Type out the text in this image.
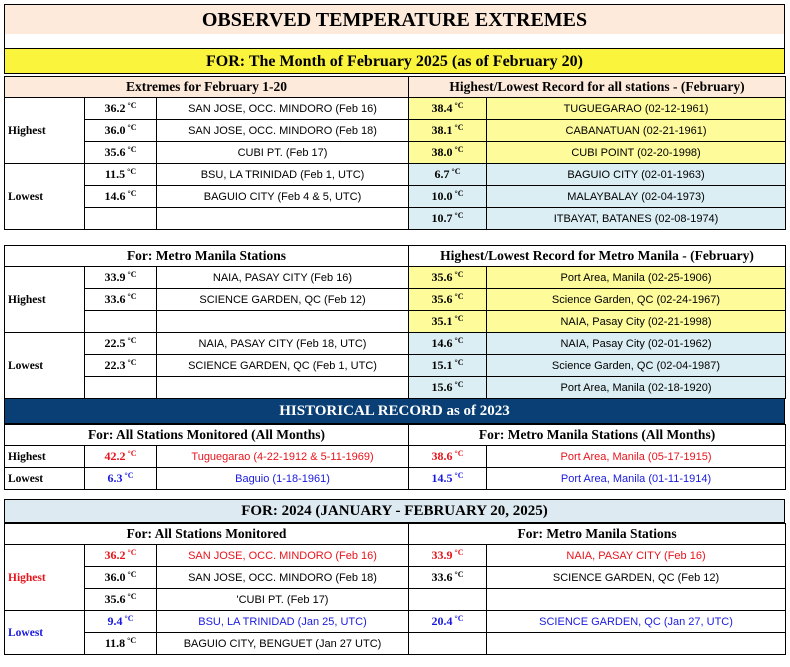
OBSERVED TEMPERATURE EXTREMES
FOR: The Month of February 2025 (as of February 20)
Extremes for February 1-20			Highest/Lowest Record for all stations - (February)	
Highest	36.2 $^{^\circ C}$	SAN JOSE, OCC. MINDORO (Feb 16)	38.4 $^{^\circ C}$	TUGUEGARAO (02-12-1961)
	36.0 $^{^\circ C}$	SAN JOSE, OCC. MINDORO (Feb 18)	38.1 $^{^\circ C}$	CABANATUAN (02-21-1961)
	35.6 $^{^\circ C}$	CUBI PT. (Feb 17)	38.0 $^{^\circ C}$	CUBI POINT (02-20-1998)
Lowest	11.5 $^{^\circ C}$	BSU, LA TRINIDAD (Feb 1, UTC)	6.7 $^{^\circ C}$	BAGUIO CITY (02-01-1963)
	14.6 $^{^\circ C}$	BAGUIO CITY (Feb 4 & 5, UTC)	10.0 $^{^\circ C}$	MALAYBALAY (02-04-1973)
			10.7 $^{^\circ C}$	ITBAYAT, BATANES (02-08-1974)
For: Metro Manila Stations			Highest/Lowest Record for Metro Manila - (February)	
Highest	33.9 $^{^\circ C}$	NAIA, PASAY CITY (Feb 16)	35.6 $^{^\circ C}$	Port Area, Manila (02-25-1906)
	33.6 $^{^\circ C}$	SCIENCE GARDEN, QC (Feb 12)	35.6 $^{^\circ C}$	Science Garden, QC (02-24-1967)
			35.1 $^{^\circ C}$	NAIA, Pasay City (02-21-1998)
Lowest	22.5 $^{^\circ C}$	NAIA, PASAY CITY (Feb 18, UTC)	14.6 $^{^\circ C}$	NAIA, Pasay City (02-01-1962)
	22.3 $^{^\circ C}$	SCIENCE GARDEN, QC (Feb 1, UTC)	15.1 $^{^\circ C}$	Science Garden, QC (02-04-1987)
			15.6 $^{^\circ C}$	Port Area, Manila (02-18-1920)
HISTORICAL RECORD as of 2023
For: All Stations Monitored (All Months)			For: Metro Manila Stations (All Months)	
Highest	42.2 $^{^\circ C}$	Tuguegarao (4-22-1912 & 5-11-1969)	38.6 $^{^\circ C}$	Port Area, Manila (05-17-1915)
Lowest	6.3 $^{^\circ C}$	Baguio (1-18-1961)	14.5 $^{^\circ C}$	Port Area, Manila (01-11-1914)
FOR: 2024 (JANUARY - FEBRUARY 20, 2025)
For: All Stations Monitored			For: Metro Manila Stations	
Highest	36.2 $^{^\circ C}$	SAN JOSE, OCC. MINDORO (Feb 16)	33.9 $^{^\circ C}$	NAIA, PASAY CITY (Feb 16)
	36.0 $^{^\circ C}$	SAN JOSE, OCC. MINDORO (Feb 18)	33.6 $^{^\circ C}$	SCIENCE GARDEN, QC (Feb 12)
	35.6 $^{^\circ C}$	'CUBI PT. (Feb 17)		
Lowest	9.4 $^{^\circ C}$	BSU, LA TRINIDAD (Jan 25, UTC)	20.4 $^{^\circ C}$	SCIENCE GARDEN, QC (Jan 27, UTC)
	11.8 $^{^\circ C}$	BAGUIO CITY, BENGUET (Jan 27 UTC)		
